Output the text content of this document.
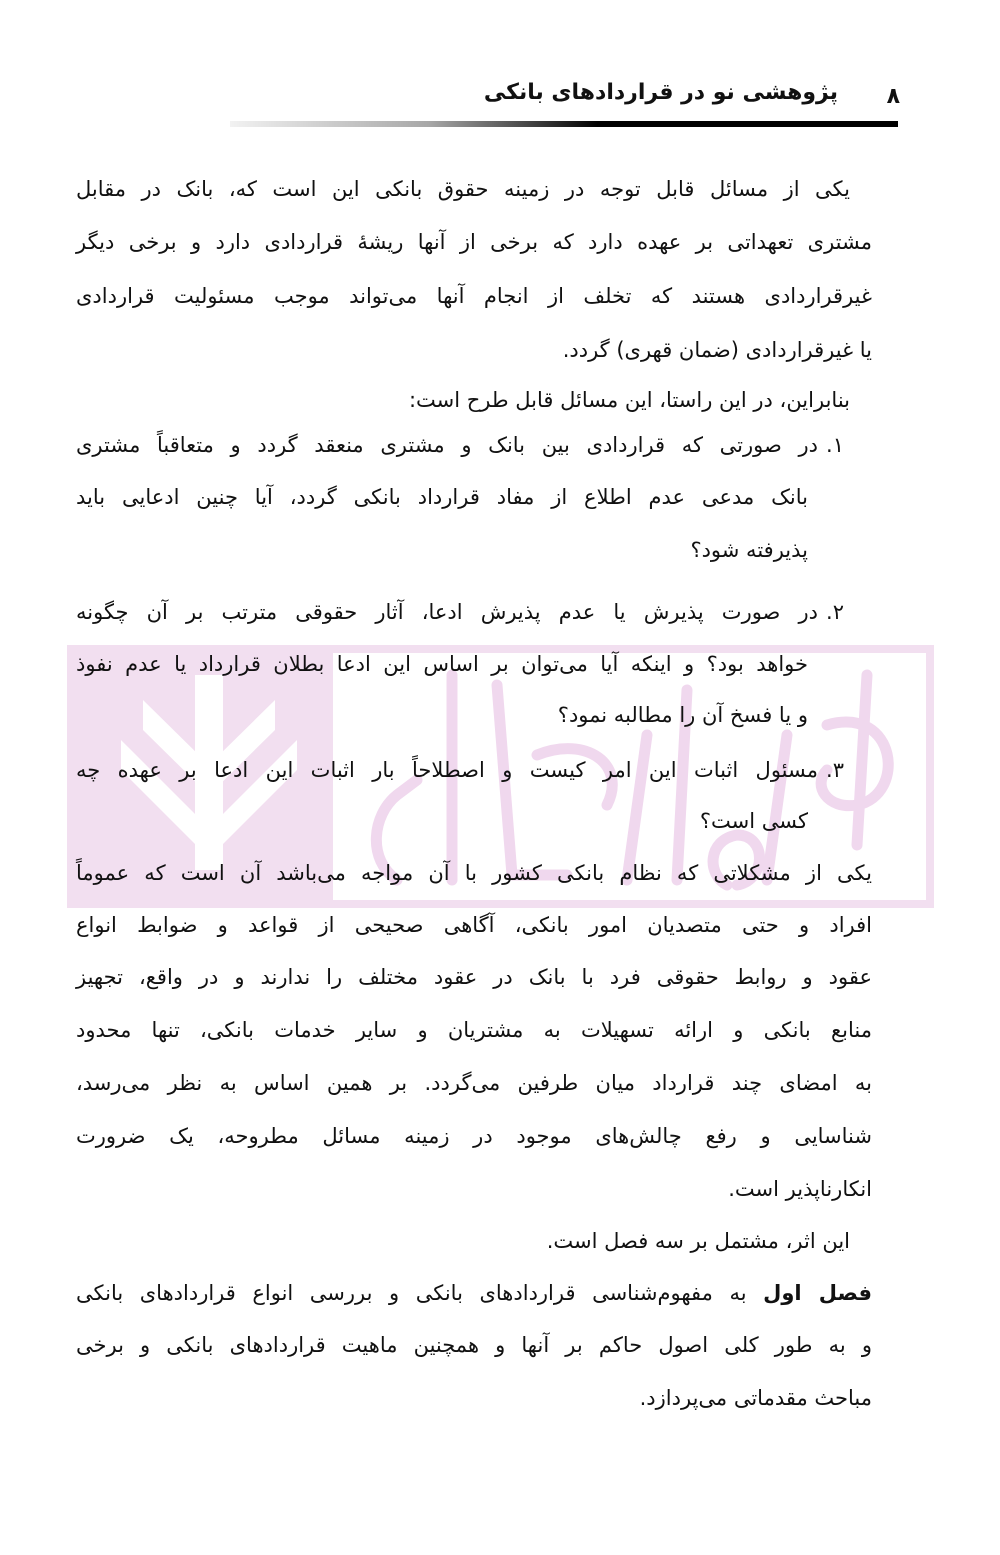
۸
پژوهشی نو در قراردادهای بانکی
یکی از مسائل قابل توجه در زمینه حقوق بانکی این است که، بانک در مقابل
مشتری تعهداتی بر عهده دارد که برخی از آنها ریشهٔ قراردادی دارد و برخی دیگر
غیرقراردادی هستند که تخلف از انجام آنها می‌تواند موجب مسئولیت قراردادی
یا غیرقراردادی (ضمان قهری) گردد.
بنابراین، در این راستا، این مسائل قابل طرح است:
۱.
در صورتی که قراردادی بین بانک و مشتری منعقد گردد و متعاقباً مشتری
بانک مدعی عدم اطلاع از مفاد قرارداد بانکی گردد، آیا چنین ادعایی باید
پذیرفته شود؟
۲.
در صورت پذیرش یا عدم پذیرش ادعا، آثار حقوقی مترتب بر آن چگونه
خواهد بود؟ و اینکه آیا می‌توان بر اساس این ادعا بطلان قرارداد یا عدم نفوذ
و یا فسخ آن را مطالبه نمود؟
۳.
مسئول اثبات این امر کیست و اصطلاحاً بار اثبات این ادعا بر عهده چه
کسی است؟
یکی از مشکلاتی که نظام بانکی کشور با آن مواجه می‌باشد آن است که عموماً
افراد و حتی متصدیان امور بانکی، آگاهی صحیحی از قواعد و ضوابط انواع
عقود و روابط حقوقی فرد با بانک در عقود مختلف را ندارند و در واقع، تجهیز
منابع بانکی و ارائه تسهیلات به مشتریان و سایر خدمات بانکی، تنها محدود
به امضای چند قرارداد میان طرفین می‌گردد. بر همین اساس به نظر می‌رسد،
شناسایی و رفع چالش‌های موجود در زمینه مسائل مطروحه، یک ضرورت
انکارناپذیر است.
این اثر، مشتمل بر سه فصل است.
فصل اول به مفهوم‌شناسی قراردادهای بانکی و بررسی انواع قراردادهای بانکی
و به طور کلی اصول حاکم بر آنها و همچنین ماهیت قراردادهای بانکی و برخی
مباحث مقدماتی می‌پردازد.
